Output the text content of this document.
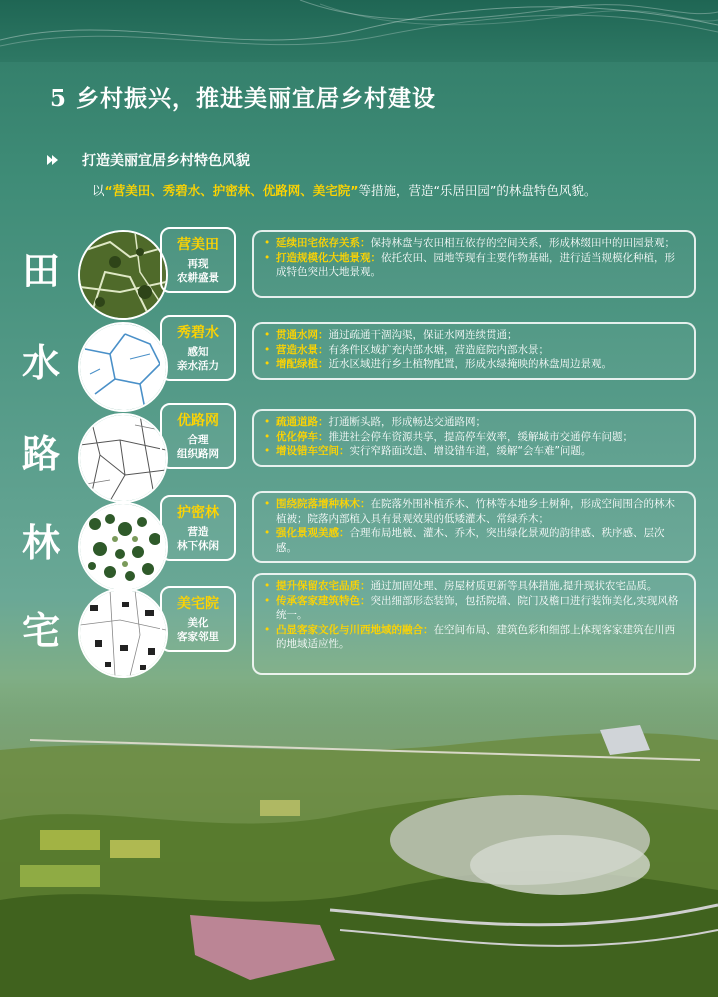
5 乡村振兴，推进美丽宜居乡村建设
打造美丽宜居乡村特色风貌
以“营美田、秀碧水、护密林、优路网、美宅院”等措施，营造“乐居田园”的林盘特色风貌。
田
营美田
再现
农耕盛景
• 延续田宅依存关系：保持林盘与农田相互依存的空间关系，形成林缀田中的田园景观；
• 打造规模化大地景观：依托农田、园地等现有主要作物基础，进行适当规模化种植，形成特色突出大地景观。
水
秀碧水
感知
亲水活力
• 贯通水网：通过疏通干涸沟渠，保证水网连续贯通；
• 营造水景：有条件区域扩充内部水塘，营造庭院内部水景；
• 增配绿植：近水区域进行乡土植物配置，形成水绿掩映的林盘周边景观。
路
优路网
合理
组织路网
• 疏通道路：打通断头路，形成畅达交通路网；
• 优化停车：推进社会停车资源共享，提高停车效率，缓解城市交通停车问题；
• 增设错车空间：实行窄路面改造、增设错车道，缓解“会车难”问题。
林
护密林
营造
林下休闲
• 围绕院落增种林木：在院落外围补植乔木、竹林等本地乡土树种，形成空间围合的林木植被；院落内部植入具有景观效果的低矮灌木、常绿乔木；
• 强化景观美感：合理布局地被、灌木、乔木，突出绿化景观的韵律感、秩序感、层次感。
宅
美宅院
美化
客家邻里
• 提升保留农宅品质：通过加固处理、房屋材质更新等具体措施,提升现状农宅品质。
• 传承客家建筑特色：突出细部形态装饰，包括院墙、院门及檐口进行装饰美化,实现风格统一。
• 凸显客家文化与川西地域的融合：在空间布局、建筑色彩和细部上体现客家建筑在川西的地域适应性。
